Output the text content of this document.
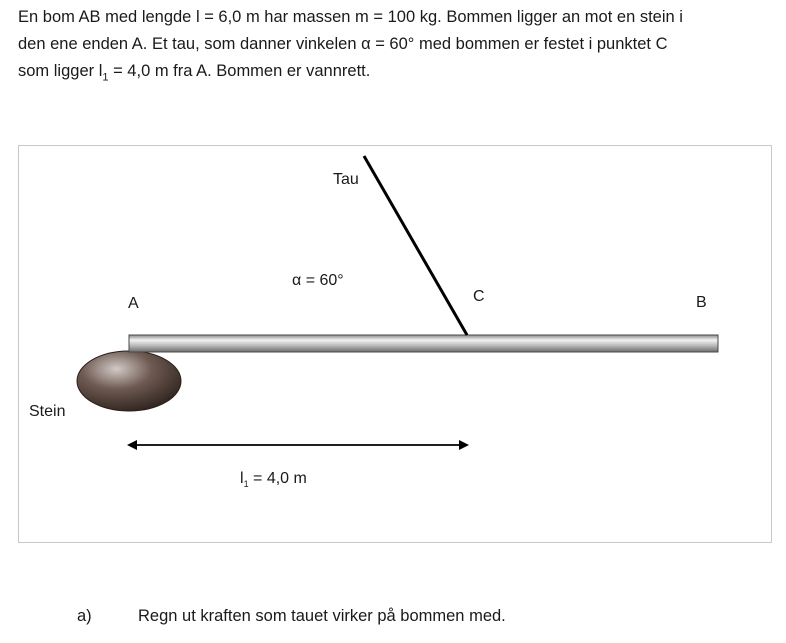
En bom AB med lengde l = 6,0 m har massen m = 100 kg. Bommen ligger an mot en stein i
den ene enden A. Et tau, som danner vinkelen α = 60° med bommen er festet i punktet C
som ligger $l_1 = 4,0$ m fra A. Bommen er vannrett.
Tau
α = 60°
A	C	B
Stein
$l_1 = 4,0$ m
a)	Regn ut kraften som tauet virker på bommen med.
